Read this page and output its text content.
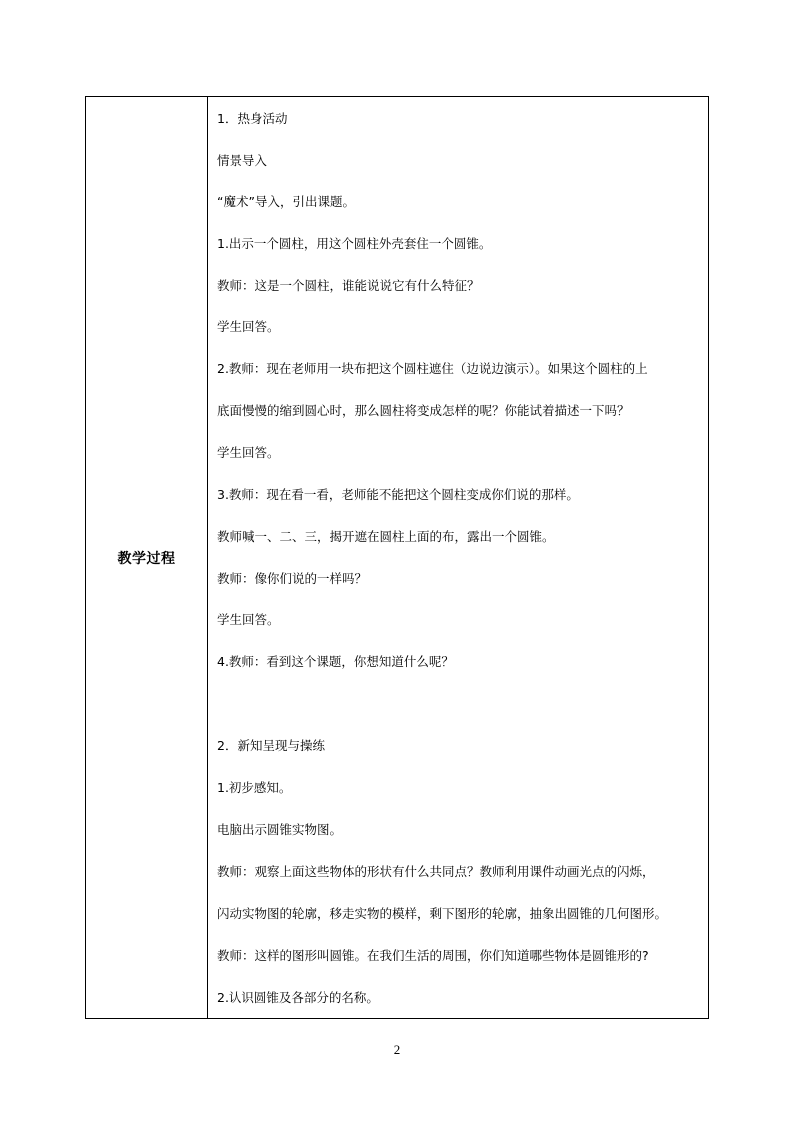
教学过程
1．热身活动
情景导入
“魔术”导入，引出课题。
1.出示一个圆柱，用这个圆柱外壳套住一个圆锥。
教师：这是一个圆柱，谁能说说它有什么特征？
学生回答。
2.教师：现在老师用一块布把这个圆柱遮住（边说边演示）。如果这个圆柱的上
底面慢慢的缩到圆心时，那么圆柱将变成怎样的呢？你能试着描述一下吗？
学生回答。
3.教师：现在看一看，老师能不能把这个圆柱变成你们说的那样。
教师喊一、二、三，揭开遮在圆柱上面的布，露出一个圆锥。
教师：像你们说的一样吗？
学生回答。
4.教师：看到这个课题，你想知道什么呢？
2．新知呈现与操练
1.初步感知。
电脑出示圆锥实物图。
教师：观察上面这些物体的形状有什么共同点？教师利用课件动画光点的闪烁，
闪动实物图的轮廓，移走实物的模样，剩下图形的轮廓，抽象出圆锥的几何图形。
教师：这样的图形叫圆锥。在我们生活的周围，你们知道哪些物体是圆锥形的?
2.认识圆锥及各部分的名称。
2
